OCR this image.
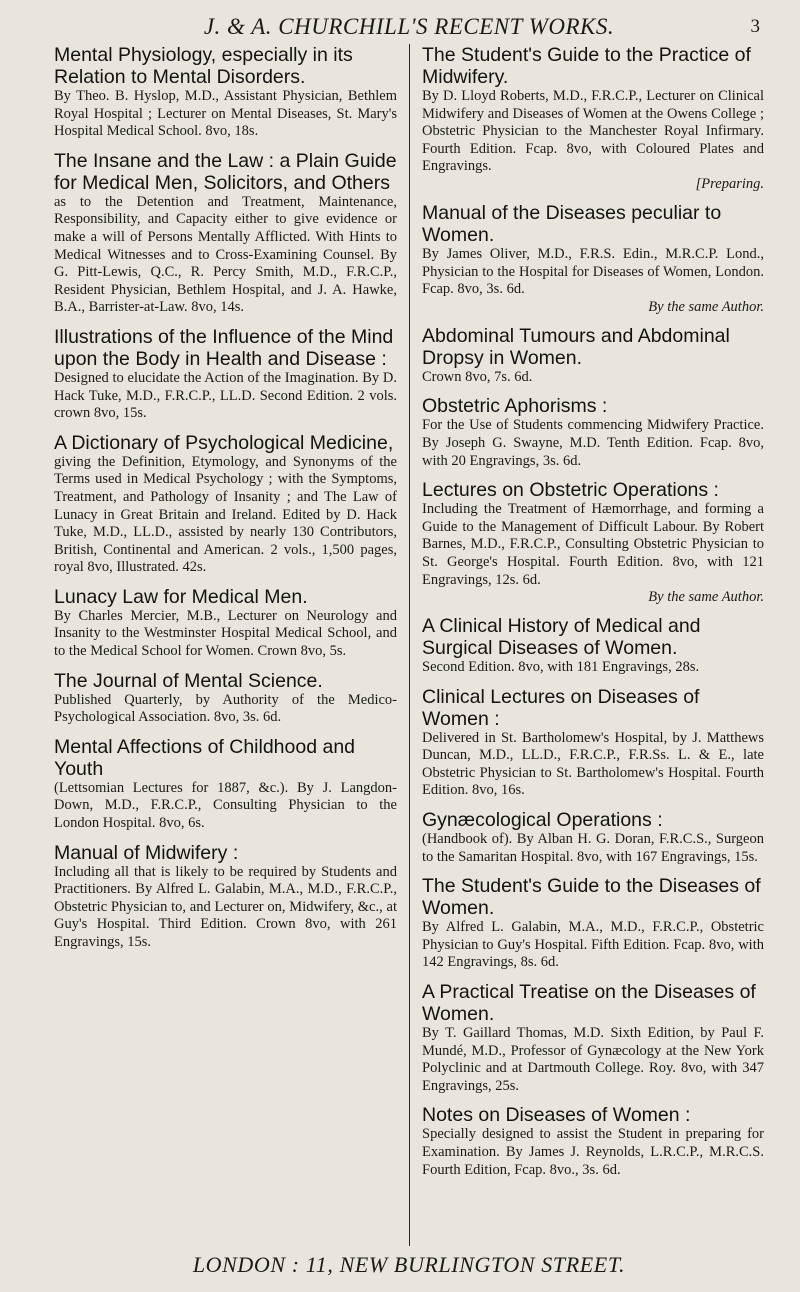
J. & A. CHURCHILL'S RECENT WORKS.	3
Mental Physiology, especially in its Relation to Mental Disorders.
By Theo. B. Hyslop, M.D., Assistant Physician, Bethlem Royal Hospital ; Lecturer on Mental Diseases, St. Mary's Hospital Medical School. 8vo, 18s.
The Insane and the Law : a Plain Guide for Medical Men, Solicitors, and Others
as to the Detention and Treatment, Maintenance, Responsibility, and Capacity either to give evidence or make a will of Persons Mentally Afflicted. With Hints to Medical Witnesses and to Cross-Examining Counsel. By G. Pitt-Lewis, Q.C., R. Percy Smith, M.D., F.R.C.P., Resident Physician, Bethlem Hospital, and J. A. Hawke, B.A., Barrister-at-Law. 8vo, 14s.
Illustrations of the Influence of the Mind upon the Body in Health and Disease :
Designed to elucidate the Action of the Imagination. By D. Hack Tuke, M.D., F.R.C.P., LL.D. Second Edition. 2 vols. crown 8vo, 15s.
A Dictionary of Psychological Medicine,
giving the Definition, Etymology, and Synonyms of the Terms used in Medical Psychology ; with the Symptoms, Treatment, and Pathology of Insanity ; and The Law of Lunacy in Great Britain and Ireland. Edited by D. Hack Tuke, M.D., LL.D., assisted by nearly 130 Contributors, British, Continental and American. 2 vols., 1,500 pages, royal 8vo, Illustrated. 42s.
Lunacy Law for Medical Men.
By Charles Mercier, M.B., Lecturer on Neurology and Insanity to the Westminster Hospital Medical School, and to the Medical School for Women. Crown 8vo, 5s.
The Journal of Mental Science.
Published Quarterly, by Authority of the Medico-Psychological Association. 8vo, 3s. 6d.
Mental Affections of Childhood and Youth
(Lettsomian Lectures for 1887, &c.). By J. Langdon-Down, M.D., F.R.C.P., Consulting Physician to the London Hospital. 8vo, 6s.
Manual of Midwifery :
Including all that is likely to be required by Students and Practitioners. By Alfred L. Galabin, M.A., M.D., F.R.C.P., Obstetric Physician to, and Lecturer on, Midwifery, &c., at Guy's Hospital. Third Edition. Crown 8vo, with 261 Engravings, 15s.
The Student's Guide to the Practice of Midwifery.
By D. Lloyd Roberts, M.D., F.R.C.P., Lecturer on Clinical Midwifery and Diseases of Women at the Owens College ; Obstetric Physician to the Manchester Royal Infirmary. Fourth Edition. Fcap. 8vo, with Coloured Plates and Engravings.
[Preparing.
Manual of the Diseases peculiar to Women.
By James Oliver, M.D., F.R.S. Edin., M.R.C.P. Lond., Physician to the Hospital for Diseases of Women, London. Fcap. 8vo, 3s. 6d.
By the same Author.
Abdominal Tumours and Abdominal Dropsy in Women.
Crown 8vo, 7s. 6d.
Obstetric Aphorisms :
For the Use of Students commencing Midwifery Practice. By Joseph G. Swayne, M.D. Tenth Edition. Fcap. 8vo, with 20 Engravings, 3s. 6d.
Lectures on Obstetric Operations :
Including the Treatment of Hæmorrhage, and forming a Guide to the Management of Difficult Labour. By Robert Barnes, M.D., F.R.C.P., Consulting Obstetric Physician to St. George's Hospital. Fourth Edition. 8vo, with 121 Engravings, 12s. 6d.
By the same Author.
A Clinical History of Medical and Surgical Diseases of Women.
Second Edition. 8vo, with 181 Engravings, 28s.
Clinical Lectures on Diseases of Women :
Delivered in St. Bartholomew's Hospital, by J. Matthews Duncan, M.D., LL.D., F.R.C.P., F.R.Ss. L. & E., late Obstetric Physician to St. Bartholomew's Hospital. Fourth Edition. 8vo, 16s.
Gynæcological Operations :
(Handbook of). By Alban H. G. Doran, F.R.C.S., Surgeon to the Samaritan Hospital. 8vo, with 167 Engravings, 15s.
The Student's Guide to the Diseases of Women.
By Alfred L. Galabin, M.A., M.D., F.R.C.P., Obstetric Physician to Guy's Hospital. Fifth Edition. Fcap. 8vo, with 142 Engravings, 8s. 6d.
A Practical Treatise on the Diseases of Women.
By T. Gaillard Thomas, M.D. Sixth Edition, by Paul F. Mundé, M.D., Professor of Gynæcology at the New York Polyclinic and at Dartmouth College. Roy. 8vo, with 347 Engravings, 25s.
Notes on Diseases of Women :
Specially designed to assist the Student in preparing for Examination. By James J. Reynolds, L.R.C.P., M.R.C.S. Fourth Edition, Fcap. 8vo., 3s. 6d.
LONDON : 11, NEW BURLINGTON STREET.
